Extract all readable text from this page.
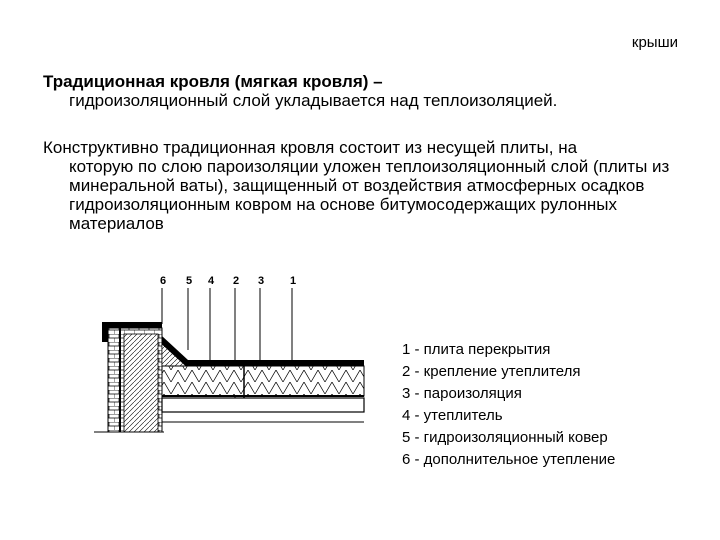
крыши
Традиционная кровля (мягкая кровля) –
гидроизоляционный слой укладывается над теплоизоляцией.
Конструктивно традиционная кровля состоит из несущей плиты, на
которую по слою пароизоляции уложен теплоизоляционный слой (плиты из минеральной ваты), защищенный от воздействия атмосферных осадков гидроизоляционным ковром на основе битумосодержащих рулонных материалов
6 5 4 2 3 1
1 - плита перекрытия
2 - крепление утеплителя
3 - пароизоляция
4 - утеплитель
5 - гидроизоляционный ковер
6 - дополнительное утепление
